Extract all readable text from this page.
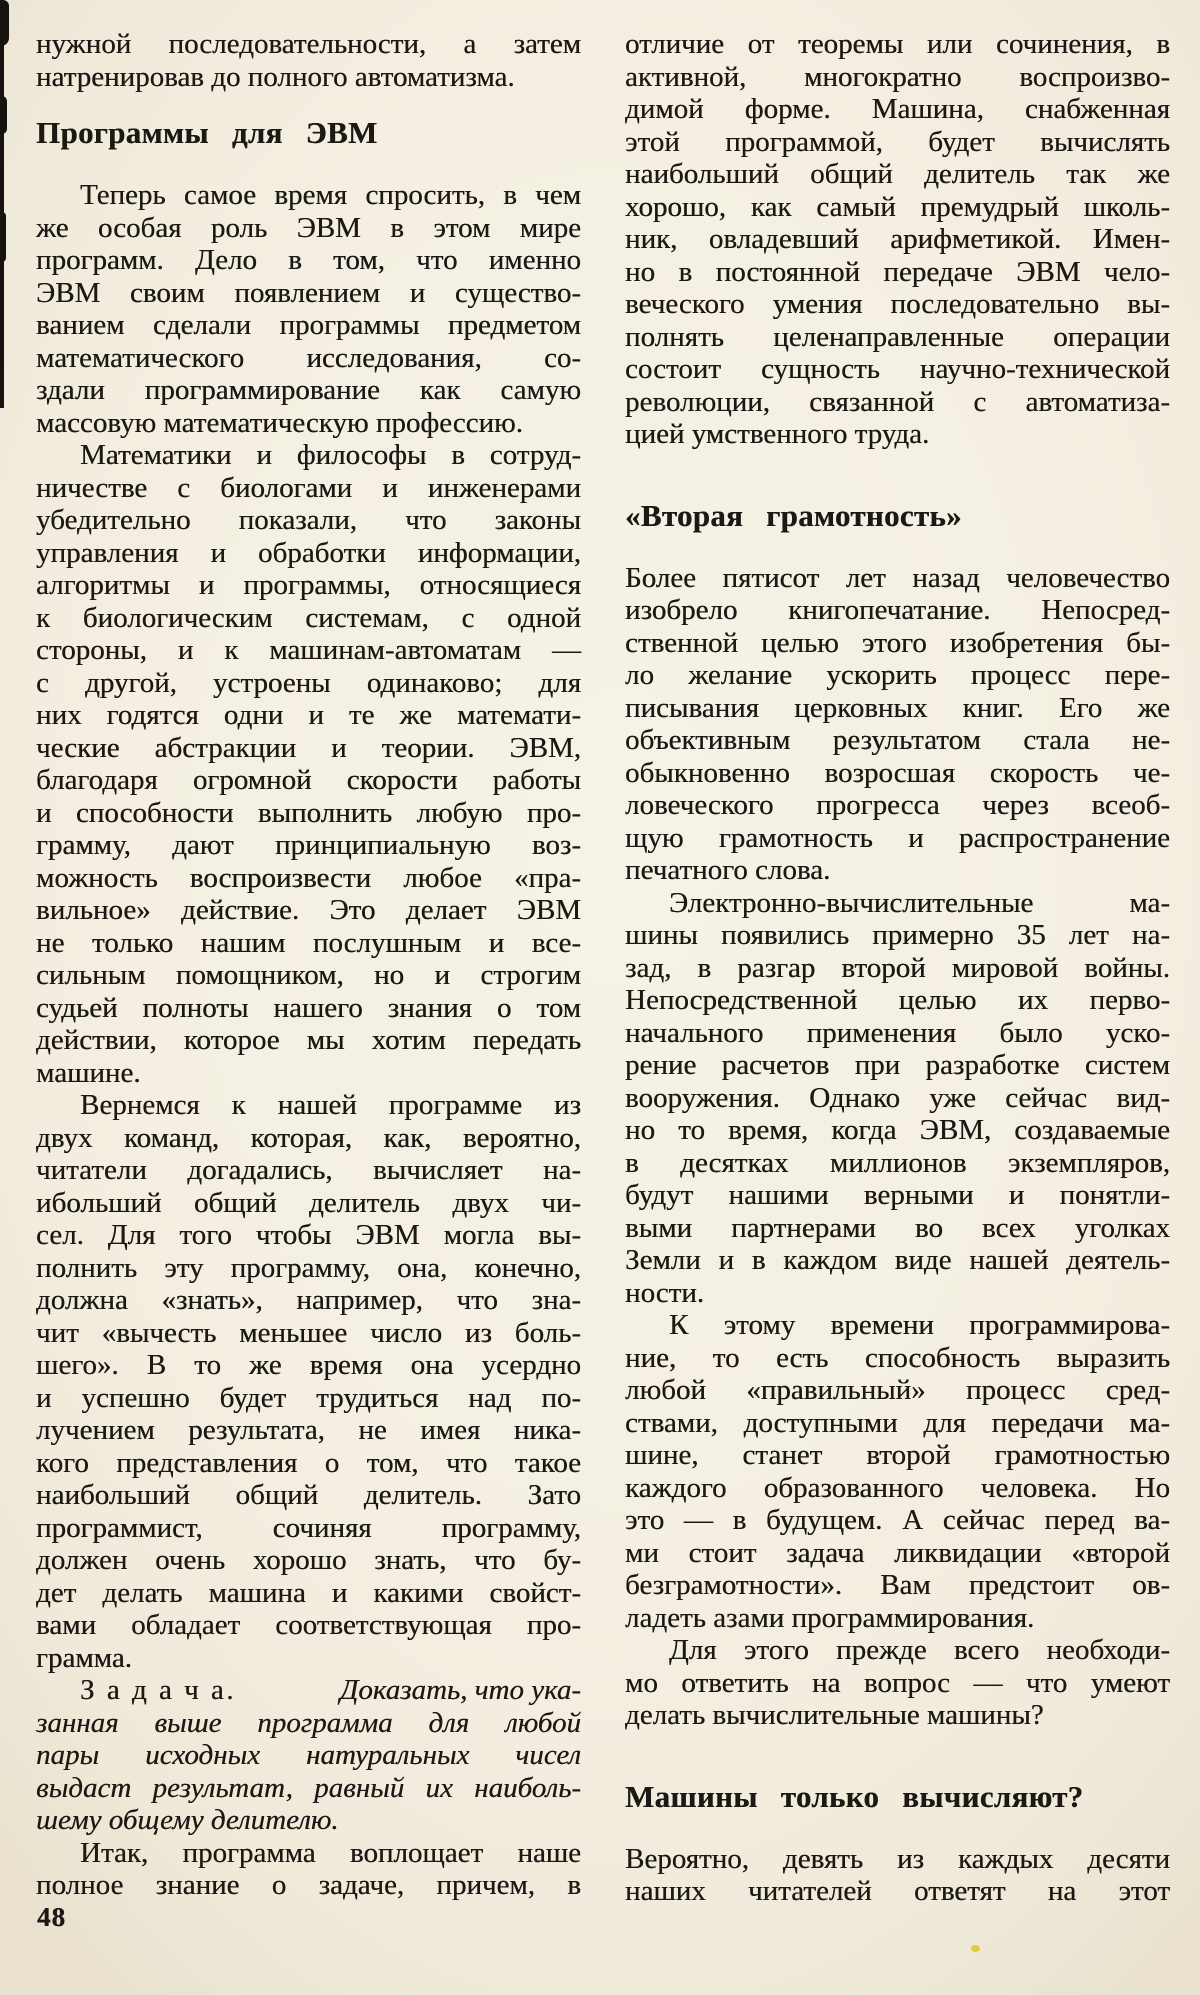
нужной последовательности, а затем
натренировав до полного автоматизма.
Программы для ЭВМ
Теперь самое время спросить, в чем
же особая роль ЭВМ в этом мире
программ. Дело в том, что именно
ЭВМ своим появлением и существо-
ванием сделали программы предметом
математического исследования, со-
здали программирование как самую
массовую математическую профессию.
Математики и философы в сотруд-
ничестве с биологами и инженерами
убедительно показали, что законы
управления и обработки информации,
алгоритмы и программы, относящиеся
к биологическим системам, с одной
стороны, и к машинам-автоматам —
с другой, устроены одинаково; для
них годятся одни и те же математи-
ческие абстракции и теории. ЭВМ,
благодаря огромной скорости работы
и способности выполнить любую про-
грамму, дают принципиальную воз-
можность воспроизвести любое «пра-
вильное» действие. Это делает ЭВМ
не только нашим послушным и все-
сильным помощником, но и строгим
судьей полноты нашего знания о том
действии, которое мы хотим передать
машине.
Вернемся к нашей программе из
двух команд, которая, как, вероятно,
читатели догадались, вычисляет на-
ибольший общий делитель двух чи-
сел. Для того чтобы ЭВМ могла вы-
полнить эту программу, она, конечно,
должна «знать», например, что зна-
чит «вычесть меньшее число из боль-
шего». В то же время она усердно
и успешно будет трудиться над по-
лучением результата, не имея ника-
кого представления о том, что такое
наибольший общий делитель. Зато
программист, сочиняя программу,
должен очень хорошо знать, что бу-
дет делать машина и какими свойст-
вами обладает соответствующая про-
грамма.
З а д а ч а.	Доказать, что ука-
занная выше программа для любой
пары исходных натуральных чисел
выдаст результат, равный их наиболь-
шему общему делителю.
Итак, программа воплощает наше
полное знание о задаче, причем, в
отличие от теоремы или сочинения, в
активной, многократно воспроизво-
димой форме. Машина, снабженная
этой программой, будет вычислять
наибольший общий делитель так же
хорошо, как самый премудрый школь-
ник, овладевший арифметикой. Имен-
но в постоянной передаче ЭВМ чело-
веческого умения последовательно вы-
полнять целенаправленные операции
состоит сущность научно-технической
революции, связанной с автоматиза-
цией умственного труда.
«Вторая грамотность»
Более пятисот лет назад человечество
изобрело книгопечатание. Непосред-
ственной целью этого изобретения бы-
ло желание ускорить процесс пере-
писывания церковных книг. Его же
объективным результатом стала не-
обыкновенно возросшая скорость че-
ловеческого прогресса через всеоб-
щую грамотность и распространение
печатного слова.
Электронно-вычислительные ма-
шины появились примерно 35 лет на-
зад, в разгар второй мировой войны.
Непосредственной целью их перво-
начального применения было уско-
рение расчетов при разработке систем
вооружения. Однако уже сейчас вид-
но то время, когда ЭВМ, создаваемые
в десятках миллионов экземпляров,
будут нашими верными и понятли-
выми партнерами во всех уголках
Земли и в каждом виде нашей деятель-
ности.
К этому времени программирова-
ние, то есть способность выразить
любой «правильный» процесс сред-
ствами, доступными для передачи ма-
шине, станет второй грамотностью
каждого образованного человека. Но
это — в будущем. А сейчас перед ва-
ми стоит задача ликвидации «второй
безграмотности». Вам предстоит ов-
ладеть азами программирования.
Для этого прежде всего необходи-
мо ответить на вопрос — что умеют
делать вычислительные машины?
Машины только вычисляют?
Вероятно, девять из каждых десяти
наших читателей ответят на этот
48
